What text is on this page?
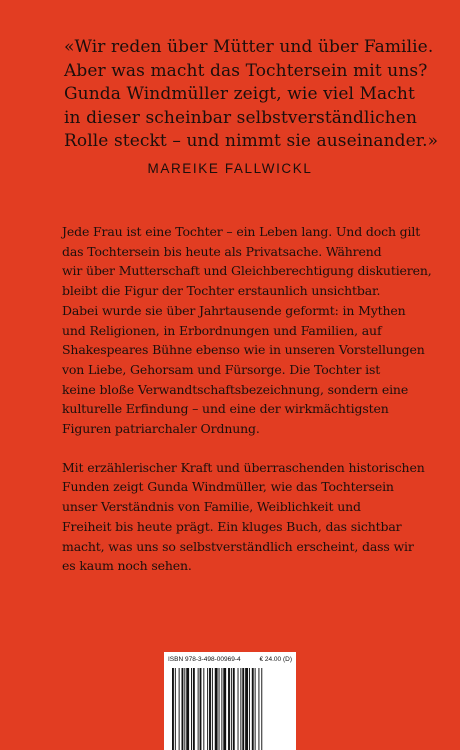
«Wir reden über Mütter und über Familie.
Aber was macht das Tochtersein mit uns?
Gunda Windmüller zeigt, wie viel Macht
in dieser scheinbar selbstverständlichen
Rolle steckt – und nimmt sie auseinander.»
MAREIKE FALLWICKL

Jede Frau ist eine Tochter – ein Leben lang. Und doch gilt
das Tochtersein bis heute als Privatsache. Während
wir über Mutterschaft und Gleichberechtigung diskutieren,
bleibt die Figur der Tochter erstaunlich unsichtbar.
Dabei wurde sie über Jahrtausende geformt: in Mythen
und Religionen, in Erbordnungen und Familien, auf
Shakespeares Bühne ebenso wie in unseren Vorstellungen
von Liebe, Gehorsam und Fürsorge. Die Tochter ist
keine bloße Verwandtschaftsbezeichnung, sondern eine
kulturelle Erfindung – und eine der wirkmächtigsten
Figuren patriarchaler Ordnung.

Mit erzählerischer Kraft und überraschenden historischen
Funden zeigt Gunda Windmüller, wie das Tochtersein
unser Verständnis von Familie, Weiblichkeit und
Freiheit bis heute prägt. Ein kluges Buch, das sichtbar
macht, was uns so selbstverständlich erscheint, dass wir
es kaum noch sehen.

ISBN 978-3-498-00969-4	€ 24.00 (D)
